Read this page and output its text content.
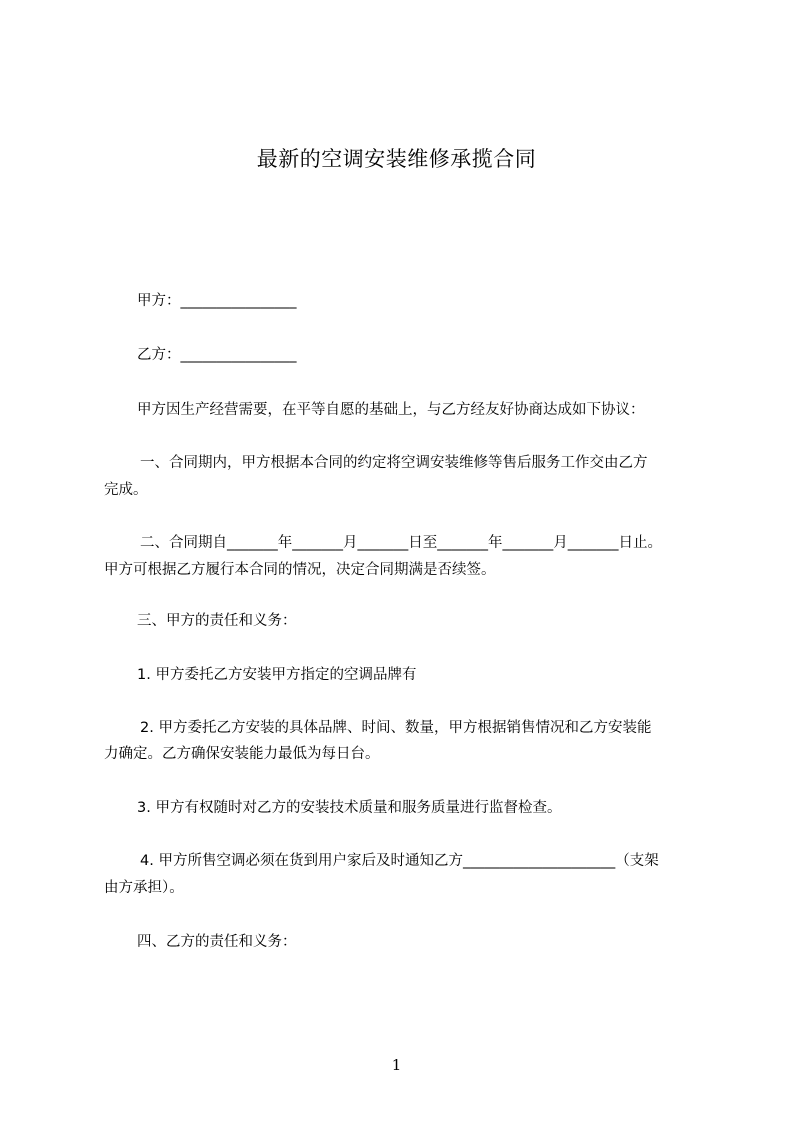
最新的空调安装维修承揽合同
甲方：________________
乙方：________________
甲方因生产经营需要，在平等自愿的基础上，与乙方经友好协商达成如下协议：
一、合同期内，甲方根据本合同的约定将空调安装维修等售后服务工作交由乙方
完成。
二、合同期自_______年_______月_______日至_______年_______月_______日止。
甲方可根据乙方履行本合同的情况，决定合同期满是否续签。
三、甲方的责任和义务：
1. 甲方委托乙方安装甲方指定的空调品牌有
2. 甲方委托乙方安装的具体品牌、时间、数量，甲方根据销售情况和乙方安装能
力确定。乙方确保安装能力最低为每日台。
3. 甲方有权随时对乙方的安装技术质量和服务质量进行监督检查。
4. 甲方所售空调必须在货到用户家后及时通知乙方_____________________（支架
由方承担）。
四、乙方的责任和义务：
1
